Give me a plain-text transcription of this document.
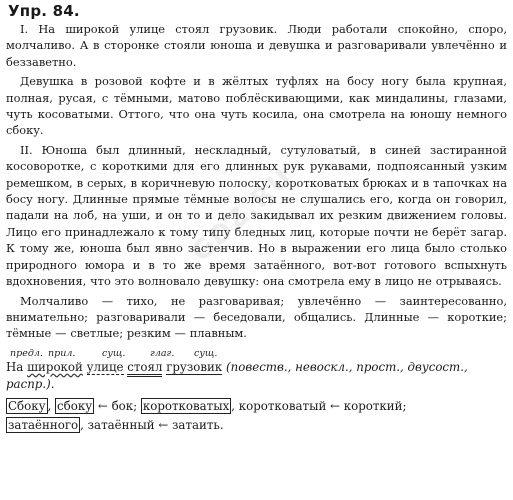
Упр. 84.

I. На широкой улице стоял грузовик. Люди работали спокойно, споро, молчаливо. А в сторонке стояли юноша и девушка и разговаривали увлечённо и беззаветно.

Девушка в розовой кофте и в жёлтых туфлях на босу ногу была крупная, полная, русая, с тёмными, матово поблёскивающими, как миндалины, глазами, чуть косоватыми. Оттого, что она чуть косила, она смотрела на юношу немного сбоку.

II. Юноша был длинный, нескладный, сутуловатый, в синей застиранной косоворотке, с короткими для его длинных рук рукавами, подпоясанный узким ремешком, в серых, в коричневую полоску, коротковатых брюках и в тапочках на босу ногу. Длинные прямые тёмные волосы не слушались его, когда он говорил, падали на лоб, на уши, и он то и дело закидывал их резким движением головы. Лицо его принадлежало к тому типу бледных лиц, которые почти не берёт загар. К тому же, юноша был явно застенчив. Но в выражении его лица было столько природного юмора и в то же время затаённого, вот-вот готового вспыхнуть вдохновения, что это волновало девушку: она смотрела ему в лицо не отрываясь.

Молчаливо — тихо, не разговаривая; увлечённо — заинтересованно, внимательно; разговаривали — беседовали, общались. Длинные — короткие; тёмные — светлые; резким — плавным.

предл. прил.	сущ.	глаг. сущ.

На широкой улице стоял грузовик (повеств., невоскл., прост., двусост., распр.).

Сбоку , сбоку ← бок; коротковатых , коротковатый ← короткий;
затаённого , затаённый ← затаить.
GDZ.RU
